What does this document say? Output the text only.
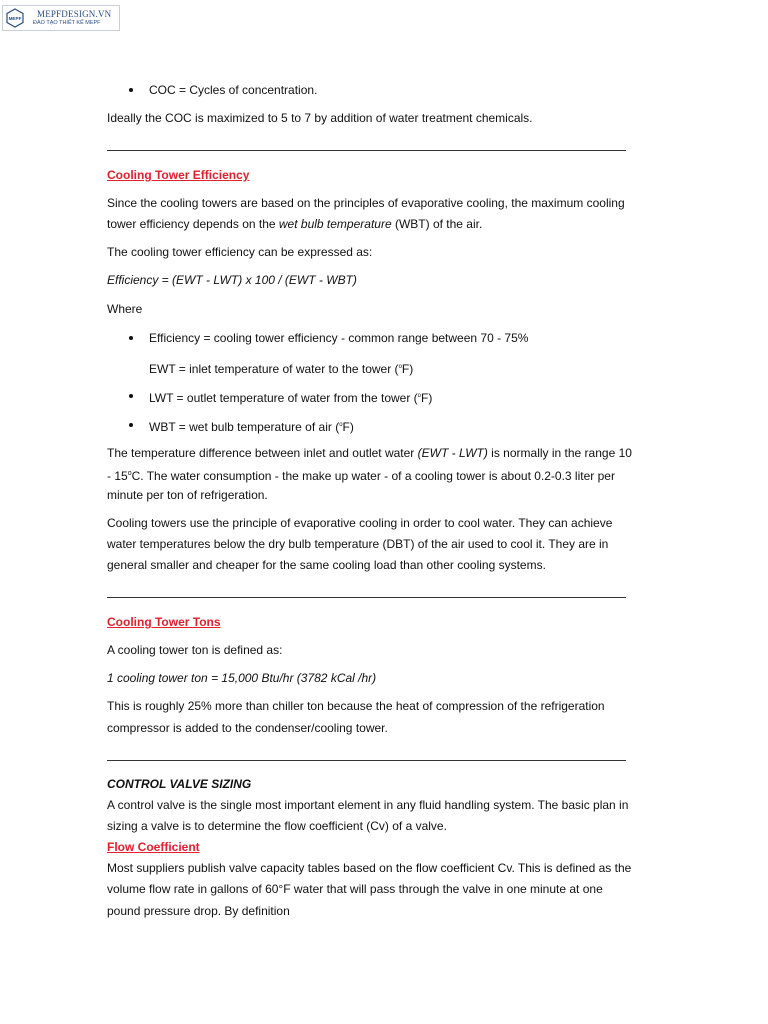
MEPF MEPFDESIGN.VN
ĐÀO TẠO THIẾT KẾ MEPF
COC = Cycles of concentration.
Ideally the COC is maximized to 5 to 7 by addition of water treatment chemicals.
Cooling Tower Efficiency
Since the cooling towers are based on the principles of evaporative cooling, the maximum cooling
tower efficiency depends on the wet bulb temperature (WBT) of the air.
The cooling tower efficiency can be expressed as:
Efficiency = (EWT - LWT) x 100 / (EWT - WBT)
Where
Efficiency = cooling tower efficiency - common range between 70 - 75%
EWT = inlet temperature of water to the tower ($^o$F)
LWT = outlet temperature of water from the tower ($^o$F)
WBT = wet bulb temperature of air ($^o$F)
The temperature difference between inlet and outlet water (EWT - LWT) is normally in the range 10
- 15$^o$C. The water consumption - the make up water - of a cooling tower is about 0.2-0.3 liter per
minute per ton of refrigeration.
Cooling towers use the principle of evaporative cooling in order to cool water. They can achieve
water temperatures below the dry bulb temperature (DBT) of the air used to cool it. They are in
general smaller and cheaper for the same cooling load than other cooling systems.
Cooling Tower Tons
A cooling tower ton is defined as:
1 cooling tower ton = 15,000 Btu/hr (3782 kCal /hr)
This is roughly 25% more than chiller ton because the heat of compression of the refrigeration
compressor is added to the condenser/cooling tower.
CONTROL VALVE SIZING
A control valve is the single most important element in any fluid handling system. The basic plan in
sizing a valve is to determine the flow coefficient (Cv) of a valve.
Flow Coefficient
Most suppliers publish valve capacity tables based on the flow coefficient Cv. This is defined as the
volume flow rate in gallons of 60°F water that will pass through the valve in one minute at one
pound pressure drop. By definition
